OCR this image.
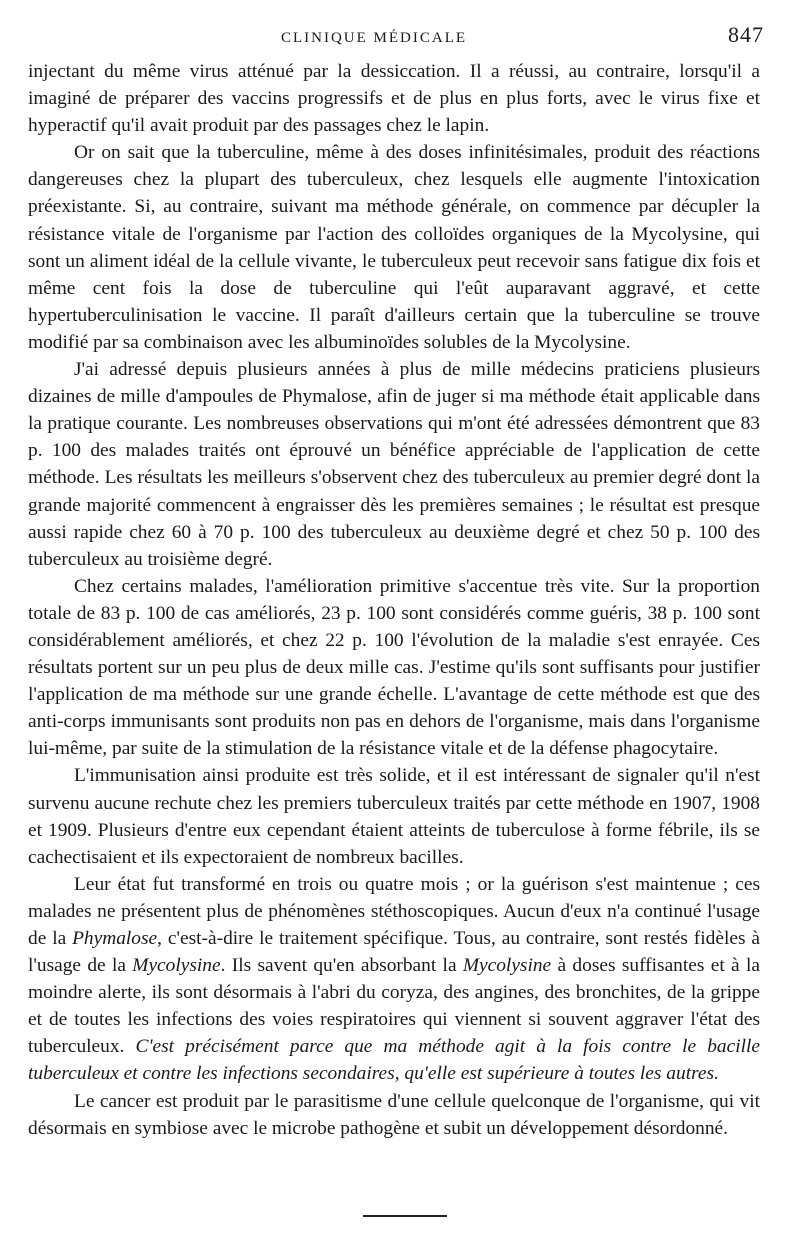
CLINIQUE MÉDICALE	847

injectant du même virus atténué par la dessiccation. Il a réussi, au contraire, lorsqu'il a imaginé de préparer des vaccins progressifs et de plus en plus forts, avec le virus fixe et hyperactif qu'il avait produit par des passages chez le lapin.

Or on sait que la tuberculine, même à des doses infinitésimales, produit des réactions dangereuses chez la plupart des tuberculeux, chez lesquels elle augmente l'intoxication préexistante. Si, au contraire, suivant ma méthode générale, on commence par décupler la résistance vitale de l'organisme par l'action des colloïdes organiques de la Mycolysine, qui sont un aliment idéal de la cellule vivante, le tuberculeux peut recevoir sans fatigue dix fois et même cent fois la dose de tuberculine qui l'eût auparavant aggravé, et cette hypertuberculinisation le vaccine. Il paraît d'ailleurs certain que la tuberculine se trouve modifié par sa combinaison avec les albuminoïdes solubles de la Mycolysine.

J'ai adressé depuis plusieurs années à plus de mille médecins praticiens plusieurs dizaines de mille d'ampoules de Phymalose, afin de juger si ma méthode était applicable dans la pratique courante. Les nombreuses observations qui m'ont été adressées démontrent que 83 p. 100 des malades traités ont éprouvé un bénéfice appréciable de l'application de cette méthode. Les résultats les meilleurs s'observent chez des tuberculeux au premier degré dont la grande majorité commencent à engraisser dès les premières semaines ; le résultat est presque aussi rapide chez 60 à 70 p. 100 des tuberculeux au deuxième degré et chez 50 p. 100 des tuberculeux au troisième degré.

Chez certains malades, l'amélioration primitive s'accentue très vite. Sur la proportion totale de 83 p. 100 de cas améliorés, 23 p. 100 sont considérés comme guéris, 38 p. 100 sont considérablement améliorés, et chez 22 p. 100 l'évolution de la maladie s'est enrayée. Ces résultats portent sur un peu plus de deux mille cas. J'estime qu'ils sont suffisants pour justifier l'application de ma méthode sur une grande échelle. L'avantage de cette méthode est que des anti-corps immunisants sont produits non pas en dehors de l'organisme, mais dans l'organisme lui-même, par suite de la stimulation de la résistance vitale et de la défense phagocytaire.

L'immunisation ainsi produite est très solide, et il est intéressant de signaler qu'il n'est survenu aucune rechute chez les premiers tuberculeux traités par cette méthode en 1907, 1908 et 1909. Plusieurs d'entre eux cependant étaient atteints de tuberculose à forme fébrile, ils se cachectisaient et ils expectoraient de nombreux bacilles.

Leur état fut transformé en trois ou quatre mois ; or la guérison s'est maintenue ; ces malades ne présentent plus de phénomènes stéthoscopiques. Aucun d'eux n'a continué l'usage de la Phymalose, c'est-à-dire le traitement spécifique. Tous, au contraire, sont restés fidèles à l'usage de la Mycolysine. Ils savent qu'en absorbant la Mycolysine à doses suffisantes et à la moindre alerte, ils sont désormais à l'abri du coryza, des angines, des bronchites, de la grippe et de toutes les infections des voies respiratoires qui viennent si souvent aggraver l'état des tuberculeux. C'est précisément parce que ma méthode agit à la fois contre le bacille tuberculeux et contre les infections secondaires, qu'elle est supérieure à toutes les autres.

Le cancer est produit par le parasitisme d'une cellule quelconque de l'organisme, qui vit désormais en symbiose avec le microbe pathogène et subit un développement désordonné.
